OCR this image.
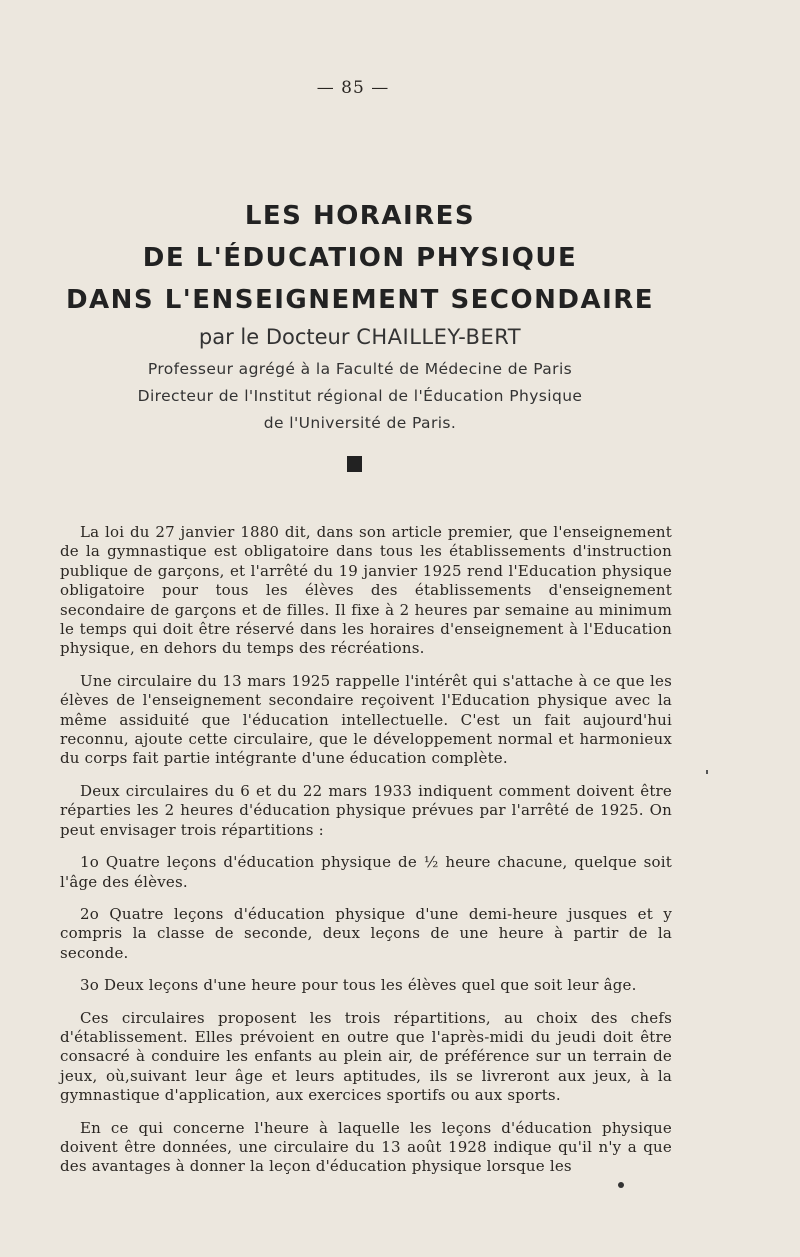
— 85 —
LES HORAIRES
DE L'ÉDUCATION PHYSIQUE
DANS L'ENSEIGNEMENT SECONDAIRE
par le Docteur CHAILLEY-BERT
Professeur agrégé à la Faculté de Médecine de Paris
Directeur de l'Institut régional de l'Éducation Physique
de l'Université de Paris.

La loi du 27 janvier 1880 dit, dans son article premier, que l'enseignement de la gymnastique est obligatoire dans tous les établissements d'instruction publique de garçons, et l'arrêté du 19 janvier 1925 rend l'Education physique obligatoire pour tous les élèves des établissements d'enseignement secondaire de garçons et de filles. Il fixe à 2 heures par semaine au minimum le temps qui doit être réservé dans les horaires d'enseignement à l'Education physique, en dehors du temps des récréations.

Une circulaire du 13 mars 1925 rappelle l'intérêt qui s'attache à ce que les élèves de l'enseignement secondaire reçoivent l'Education physique avec la même assiduité que l'éducation intellectuelle. C'est un fait aujourd'hui reconnu, ajoute cette circulaire, que le développement normal et harmonieux du corps fait partie intégrante d'une éducation complète.

Deux circulaires du 6 et du 22 mars 1933 indiquent comment doivent être réparties les 2 heures d'éducation physique prévues par l'arrêté de 1925. On peut envisager trois répartitions :

1o Quatre leçons d'éducation physique de ½ heure chacune, quelque soit l'âge des élèves.

2o Quatre leçons d'éducation physique d'une demi-heure jusques et y compris la classe de seconde, deux leçons de une heure à partir de la seconde.

3o Deux leçons d'une heure pour tous les élèves quel que soit leur âge.

Ces circulaires proposent les trois répartitions, au choix des chefs d'établissement. Elles prévoient en outre que l'après-midi du jeudi doit être consacré à conduire les enfants au plein air, de préférence sur un terrain de jeux, où,suivant leur âge et leurs aptitudes, ils se livreront aux jeux, à la gymnastique d'application, aux exercices sportifs ou aux sports.

En ce qui concerne l'heure à laquelle les leçons d'éducation physique doivent être données, une circulaire du 13 août 1928 indique qu'il n'y a que des avantages à donner la leçon d'éducation physique lorsque les
